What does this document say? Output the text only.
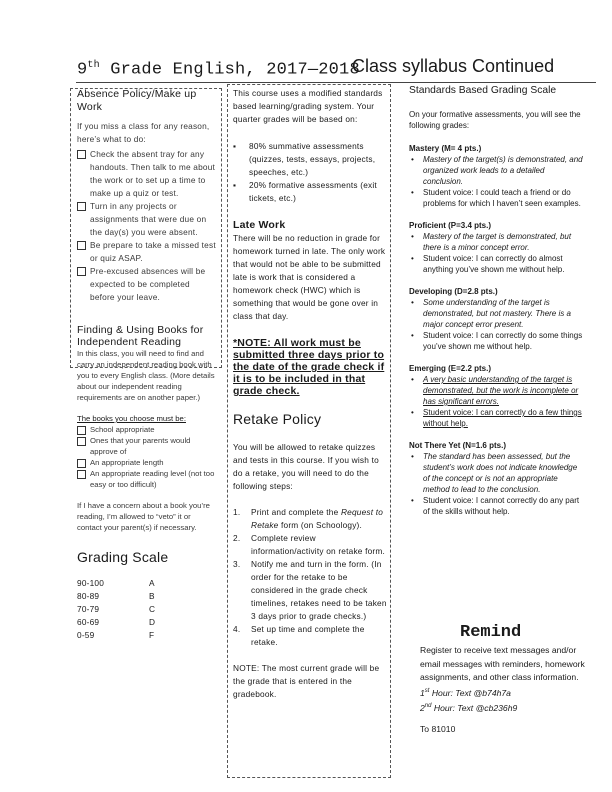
9th Grade English, 2017—2018
Class syllabus Continued
Absence Policy/Make up Work
If you miss a class for any reason, here’s what to do:
Check the absent tray for any handouts. Then talk to me about the work or to set up a time to make up a quiz or test.
Turn in any projects or assignments that were due on the day(s) you were absent.
Be prepare to take a missed test or quiz ASAP.
Pre-excused absences will be expected to be completed before your leave.
Finding & Using Books for Independent Reading
In this class, you will need to find and carry an independent reading book with you to every English class. (More details about our independent reading requirements are on another paper.)
The books you choose must be:
School appropriate
Ones that your parents would approve of
An appropriate length
An appropriate reading level (not too easy or too difficult)
If I have a concern about a book you’re reading, I’m allowed to “veto” it or contact your parent(s) if necessary.
Grading Scale
90-100	A
80-89	B
70-79	C
60-69	D
0-59	F
This course uses a modified standards based learning/grading system. Your quarter grades will be based on:
▪ 80% summative assessments (quizzes, tests, essays, projects, speeches, etc.)
▪ 20% formative assessments (exit tickets, etc.)
Late Work
There will be no reduction in grade for homework turned in late. The only work that would not be able to be submitted late is work that is considered a homework check (HWC) which is something that would be gone over in class that day.
*NOTE: All work must be submitted three days prior to the date of the grade check if it is to be included in that grade check.
Retake Policy
You will be allowed to retake quizzes and tests in this course. If you wish to do a retake, you will need to do the following steps:
1.	Print and complete the Request to Retake form (on Schoology).
2.	Complete review information/activity on retake form.
3.	Notify me and turn in the form. (In order for the retake to be considered in the grade check timelines, retakes need to be taken 3 days prior to grade checks.)
4.	Set up time and complete the retake.
NOTE: The most current grade will be the grade that is entered in the gradebook.
Standards Based Grading Scale
On your formative assessments, you will see the following grades:
Mastery (M= 4 pts.)
• Mastery of the target(s) is demonstrated, and organized work leads to a detailed conclusion.
• Student voice: I could teach a friend or do problems for which I haven’t seen examples.
Proficient (P=3.4 pts.)
• Mastery of the target is demonstrated, but there is a minor concept error.
• Student voice: I can correctly do almost anything you’ve shown me without help.
Developing (D=2.8 pts.)
• Some understanding of the target is demonstrated, but not mastery. There is a major concept error present.
• Student voice: I can correctly do some things you’ve shown me without help.
Emerging (E=2.2 pts.)
• A very basic understanding of the target is demonstrated, but the work is incomplete or has significant errors.
• Student voice: I can correctly do a few things without help.
Not There Yet (N=1.6 pts.)
• The standard has been assessed, but the student’s work does not indicate knowledge of the concept or is not an appropriate method to lead to the conclusion.
• Student voice: I cannot correctly do any part of the skills without help.
Remind
Register to receive text messages and/or email messages with reminders, homework assignments, and other class information.
1st Hour: Text @b74h7a
2nd Hour: Text @cb236h9
To 81010
